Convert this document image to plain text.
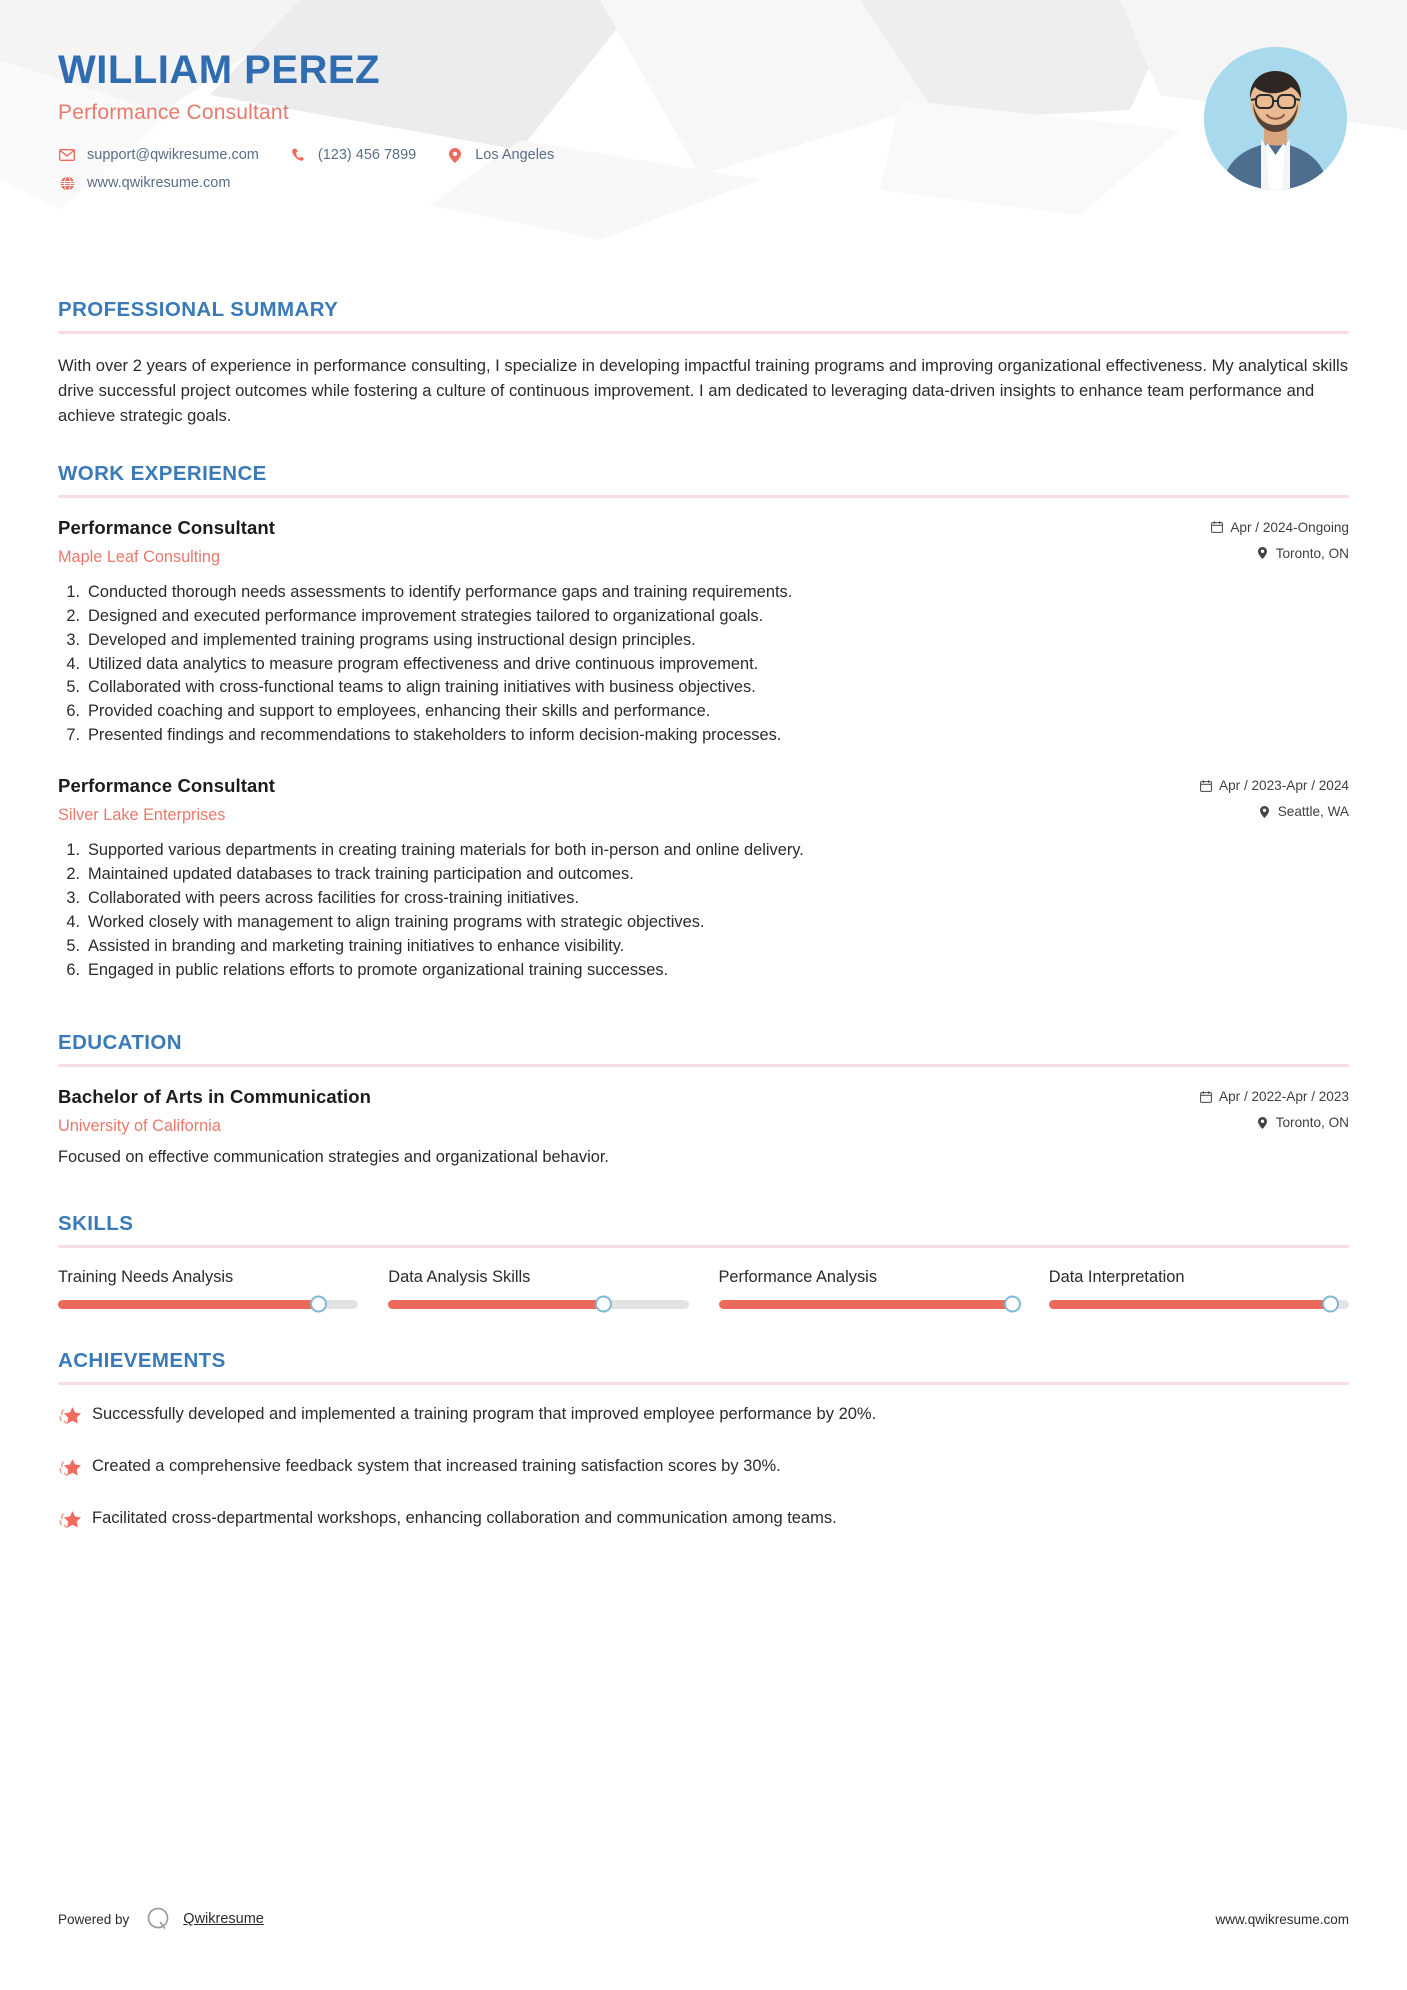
WILLIAM PEREZ
Performance Consultant
support@qwikresume.com	(123) 456 7899	Los Angeles
www.qwikresume.com
PROFESSIONAL SUMMARY
With over 2 years of experience in performance consulting, I specialize in developing impactful training programs and improving organizational effectiveness. My analytical skills drive successful project outcomes while fostering a culture of continuous improvement. I am dedicated to leveraging data-driven insights to enhance team performance and achieve strategic goals.
WORK EXPERIENCE
Performance Consultant
Maple Leaf Consulting
Apr / 2024-Ongoing
Toronto, ON
1. Conducted thorough needs assessments to identify performance gaps and training requirements.
2. Designed and executed performance improvement strategies tailored to organizational goals.
3. Developed and implemented training programs using instructional design principles.
4. Utilized data analytics to measure program effectiveness and drive continuous improvement.
5. Collaborated with cross-functional teams to align training initiatives with business objectives.
6. Provided coaching and support to employees, enhancing their skills and performance.
7. Presented findings and recommendations to stakeholders to inform decision-making processes.
Performance Consultant
Silver Lake Enterprises
Apr / 2023-Apr / 2024
Seattle, WA
1. Supported various departments in creating training materials for both in-person and online delivery.
2. Maintained updated databases to track training participation and outcomes.
3. Collaborated with peers across facilities for cross-training initiatives.
4. Worked closely with management to align training programs with strategic objectives.
5. Assisted in branding and marketing training initiatives to enhance visibility.
6. Engaged in public relations efforts to promote organizational training successes.
EDUCATION
Bachelor of Arts in Communication
University of California
Apr / 2022-Apr / 2023
Toronto, ON
Focused on effective communication strategies and organizational behavior.
SKILLS
Training Needs Analysis	Data Analysis Skills	Performance Analysis	Data Interpretation
ACHIEVEMENTS
Successfully developed and implemented a training program that improved employee performance by 20%.
Created a comprehensive feedback system that increased training satisfaction scores by 30%.
Facilitated cross-departmental workshops, enhancing collaboration and communication among teams.
Powered by	Qwikresume	www.qwikresume.com
